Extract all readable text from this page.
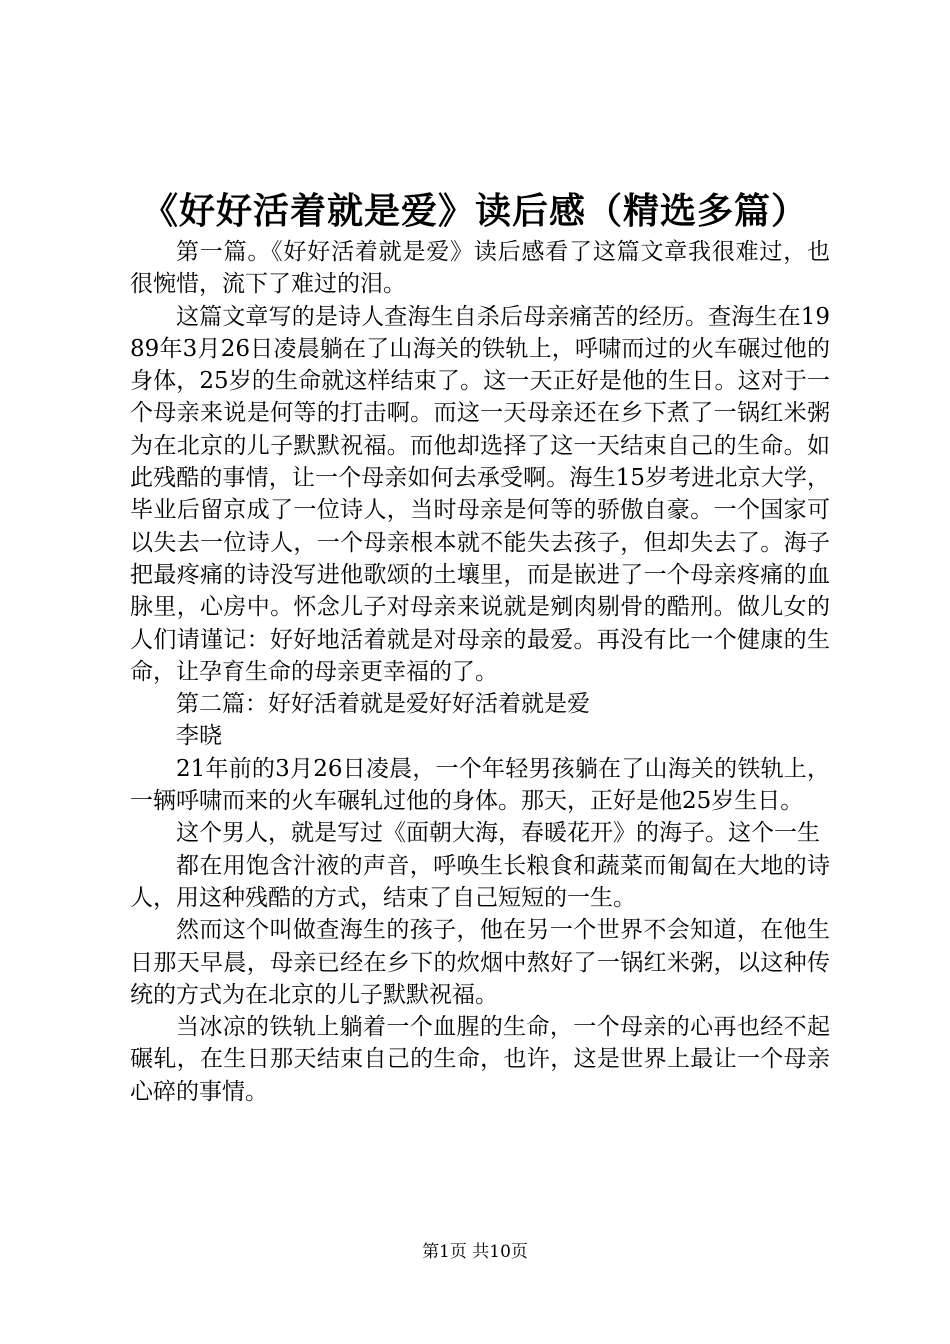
《好好活着就是爱》读后感（精选多篇）

第一篇。《好好活着就是爱》读后感看了这篇文章我很难过，也很惋惜，流下了难过的泪。

这篇文章写的是诗人查海生自杀后母亲痛苦的经历。查海生在1989年3月26日凌晨躺在了山海关的铁轨上，呼啸而过的火车碾过他的身体，25岁的生命就这样结束了。这一天正好是他的生日。这对于一个母亲来说是何等的打击啊。而这一天母亲还在乡下煮了一锅红米粥为在北京的儿子默默祝福。而他却选择了这一天结束自己的生命。如此残酷的事情，让一个母亲如何去承受啊。海生15岁考进北京大学，毕业后留京成了一位诗人，当时母亲是何等的骄傲自豪。一个国家可以失去一位诗人，一个母亲根本就不能失去孩子，但却失去了。海子把最疼痛的诗没写进他歌颂的土壤里，而是嵌进了一个母亲疼痛的血脉里，心房中。怀念儿子对母亲来说就是剜肉剔骨的酷刑。做儿女的人们请谨记：好好地活着就是对母亲的最爱。再没有比一个健康的生命，让孕育生命的母亲更幸福的了。

第二篇：好好活着就是爱好好活着就是爱

李晓

21年前的3月26日凌晨，一个年轻男孩躺在了山海关的铁轨上，一辆呼啸而来的火车碾轧过他的身体。那天，正好是他25岁生日。

这个男人，就是写过《面朝大海，春暖花开》的海子。这个一生

都在用饱含汁液的声音，呼唤生长粮食和蔬菜而匍匐在大地的诗人，用这种残酷的方式，结束了自己短短的一生。

然而这个叫做查海生的孩子，他在另一个世界不会知道，在他生日那天早晨，母亲已经在乡下的炊烟中熬好了一锅红米粥，以这种传统的方式为在北京的儿子默默祝福。

当冰凉的铁轨上躺着一个血腥的生命，一个母亲的心再也经不起碾轧，在生日那天结束自己的生命，也许，这是世界上最让一个母亲心碎的事情。

第1页 共10页
